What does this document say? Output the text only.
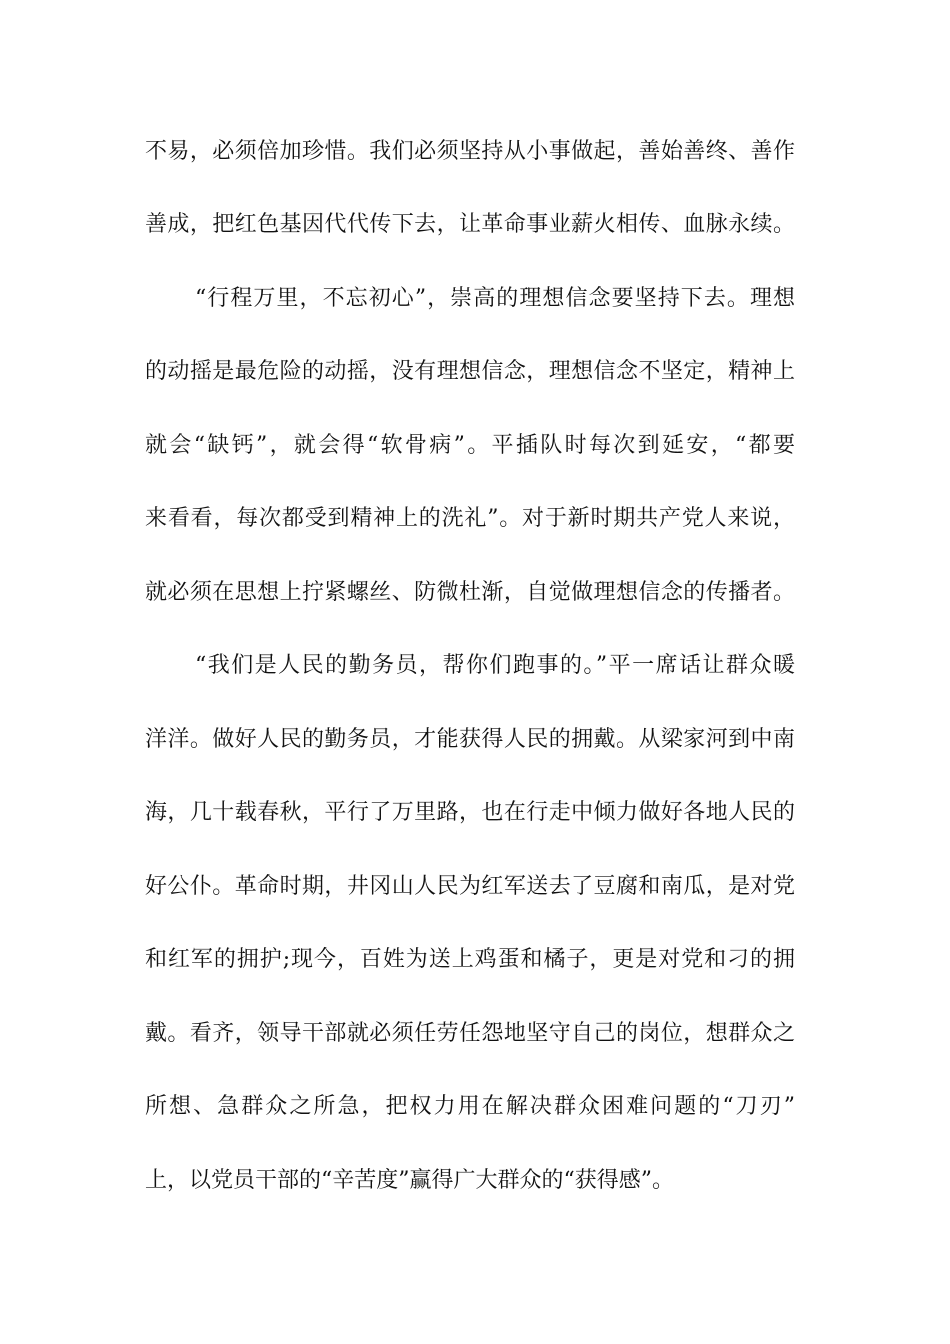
不易，必须倍加珍惜。我们必须坚持从小事做起，善始善终、善作
善成，把红色基因代代传下去，让革命事业薪火相传、血脉永续。
“行程万里，不忘初心”，崇高的理想信念要坚持下去。理想
的动摇是最危险的动摇，没有理想信念，理想信念不坚定，精神上
就会“缺钙”，就会得“软骨病”。平插队时每次到延安，“都要
来看看，每次都受到精神上的洗礼”。对于新时期共产党人来说，
就必须在思想上拧紧螺丝、防微杜渐，自觉做理想信念的传播者。
“我们是人民的勤务员，帮你们跑事的。”平一席话让群众暖
洋洋。做好人民的勤务员，才能获得人民的拥戴。从梁家河到中南
海，几十载春秋，平行了万里路，也在行走中倾力做好各地人民的
好公仆。革命时期，井冈山人民为红军送去了豆腐和南瓜，是对党
和红军的拥护;现今，百姓为送上鸡蛋和橘子，更是对党和刁的拥
戴。看齐，领导干部就必须任劳任怨地坚守自己的岗位，想群众之
所想、急群众之所急，把权力用在解决群众困难问题的“刀刃”
上，以党员干部的“辛苦度”赢得广大群众的“获得感”。
